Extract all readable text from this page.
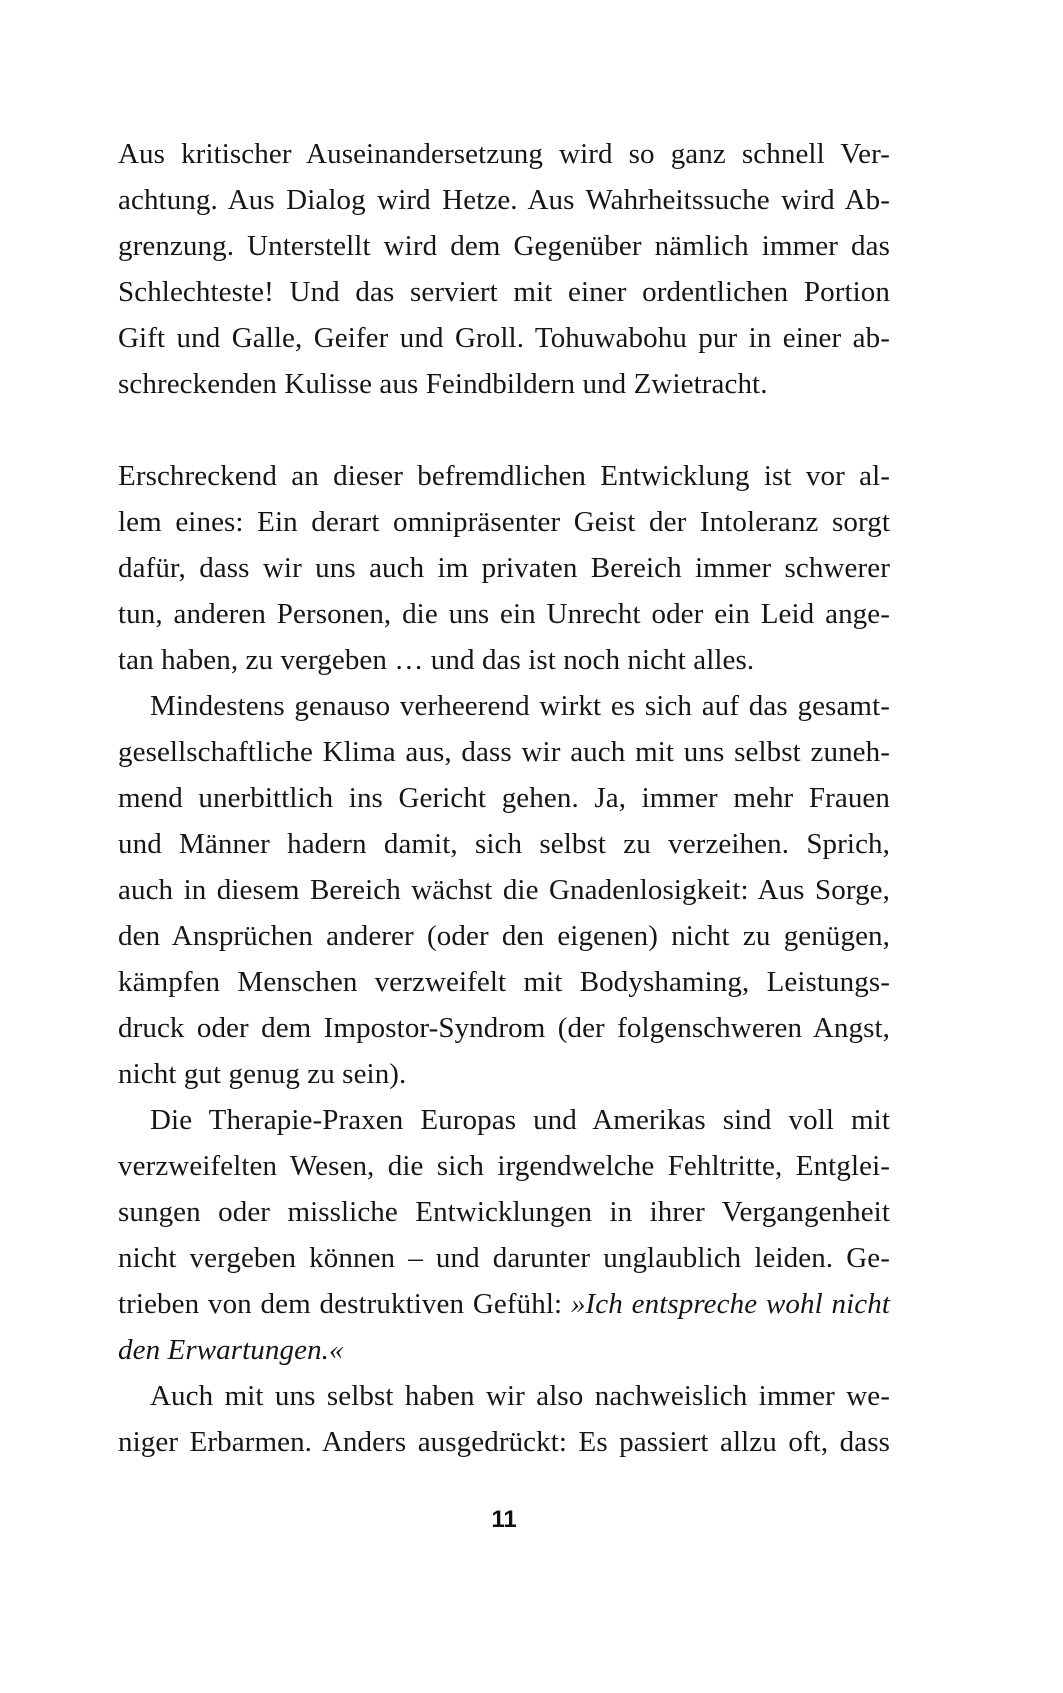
Aus kritischer Auseinandersetzung wird so ganz schnell Ver-
achtung. Aus Dialog wird Hetze. Aus Wahrheitssuche wird Ab-
grenzung. Unterstellt wird dem Gegenüber nämlich immer das
Schlechteste! Und das serviert mit einer ordentlichen Portion
Gift und Galle, Geifer und Groll. Tohuwabohu pur in einer ab-
schreckenden Kulisse aus Feindbildern und Zwietracht.
Erschreckend an dieser befremdlichen Entwicklung ist vor al-
lem eines: Ein derart omnipräsenter Geist der Intoleranz sorgt
dafür, dass wir uns auch im privaten Bereich immer schwerer
tun, anderen Personen, die uns ein Unrecht oder ein Leid ange-
tan haben, zu vergeben … und das ist noch nicht alles.
Mindestens genauso verheerend wirkt es sich auf das gesamt-
gesellschaftliche Klima aus, dass wir auch mit uns selbst zuneh-
mend unerbittlich ins Gericht gehen. Ja, immer mehr Frauen
und Männer hadern damit, sich selbst zu verzeihen. Sprich,
auch in diesem Bereich wächst die Gnadenlosigkeit: Aus Sorge,
den Ansprüchen anderer (oder den eigenen) nicht zu genügen,
kämpfen Menschen verzweifelt mit Bodyshaming, Leistungs-
druck oder dem Impostor-Syndrom (der folgenschweren Angst,
nicht gut genug zu sein).
Die Therapie-Praxen Europas und Amerikas sind voll mit
verzweifelten Wesen, die sich irgendwelche Fehltritte, Entglei-
sungen oder missliche Entwicklungen in ihrer Vergangenheit
nicht vergeben können – und darunter unglaublich leiden. Ge-
trieben von dem destruktiven Gefühl: »Ich entspreche wohl nicht
den Erwartungen.«
Auch mit uns selbst haben wir also nachweislich immer we-
niger Erbarmen. Anders ausgedrückt: Es passiert allzu oft, dass
11
